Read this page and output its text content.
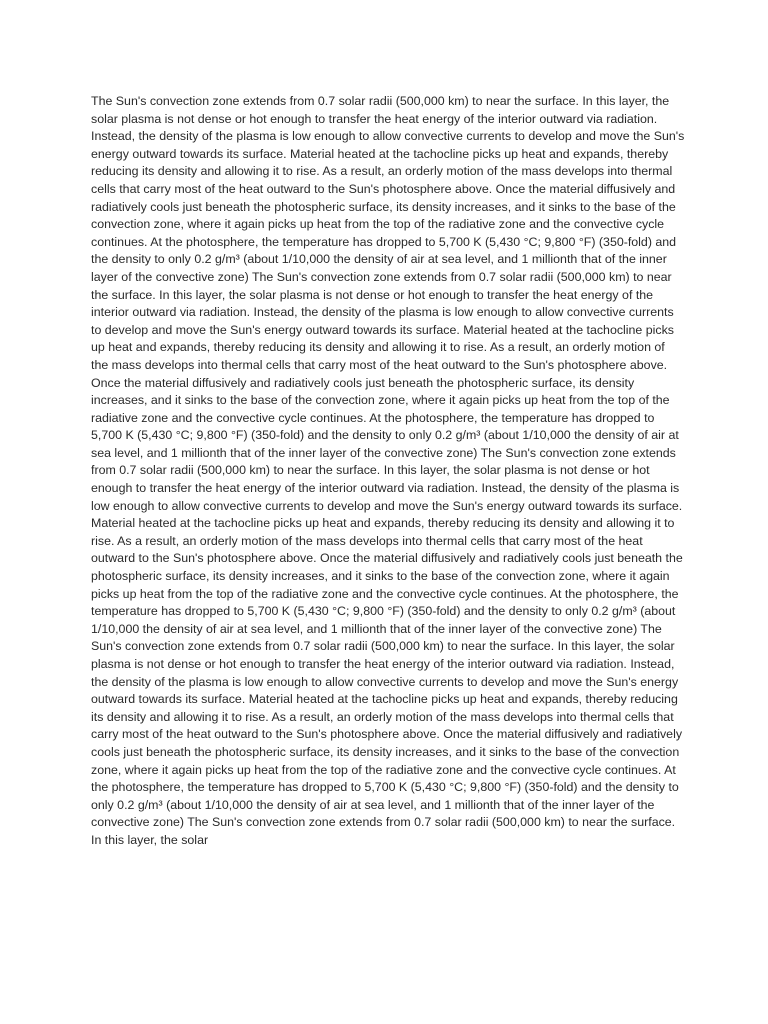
The Sun's convection zone extends from 0.7 solar radii (500,000 km) to near the surface. In this layer, the solar plasma is not dense or hot enough to transfer the heat energy of the interior outward via radiation. Instead, the density of the plasma is low enough to allow convective currents to develop and move the Sun's energy outward towards its surface. Material heated at the tachocline picks up heat and expands, thereby reducing its density and allowing it to rise. As a result, an orderly motion of the mass develops into thermal cells that carry most of the heat outward to the Sun's photosphere above. Once the material diffusively and radiatively cools just beneath the photospheric surface, its density increases, and it sinks to the base of the convection zone, where it again picks up heat from the top of the radiative zone and the convective cycle continues. At the photosphere, the temperature has dropped to 5,700 K (5,430 °C; 9,800 °F) (350-fold) and the density to only 0.2 g/m³ (about 1/10,000 the density of air at sea level, and 1 millionth that of the inner layer of the convective zone) The Sun's convection zone extends from 0.7 solar radii (500,000 km) to near the surface. In this layer, the solar plasma is not dense or hot enough to transfer the heat energy of the interior outward via radiation. Instead, the density of the plasma is low enough to allow convective currents to develop and move the Sun's energy outward towards its surface. Material heated at the tachocline picks up heat and expands, thereby reducing its density and allowing it to rise. As a result, an orderly motion of the mass develops into thermal cells that carry most of the heat outward to the Sun's photosphere above. Once the material diffusively and radiatively cools just beneath the photospheric surface, its density increases, and it sinks to the base of the convection zone, where it again picks up heat from the top of the radiative zone and the convective cycle continues. At the photosphere, the temperature has dropped to 5,700 K (5,430 °C; 9,800 °F) (350-fold) and the density to only 0.2 g/m³ (about 1/10,000 the density of air at sea level, and 1 millionth that of the inner layer of the convective zone) The Sun's convection zone extends from 0.7 solar radii (500,000 km) to near the surface. In this layer, the solar plasma is not dense or hot enough to transfer the heat energy of the interior outward via radiation. Instead, the density of the plasma is low enough to allow convective currents to develop and move the Sun's energy outward towards its surface. Material heated at the tachocline picks up heat and expands, thereby reducing its density and allowing it to rise. As a result, an orderly motion of the mass develops into thermal cells that carry most of the heat outward to the Sun's photosphere above. Once the material diffusively and radiatively cools just beneath the photospheric surface, its density increases, and it sinks to the base of the convection zone, where it again picks up heat from the top of the radiative zone and the convective cycle continues. At the photosphere, the temperature has dropped to 5,700 K (5,430 °C; 9,800 °F) (350-fold) and the density to only 0.2 g/m³ (about 1/10,000 the density of air at sea level, and 1 millionth that of the inner layer of the convective zone) The Sun's convection zone extends from 0.7 solar radii (500,000 km) to near the surface. In this layer, the solar plasma is not dense or hot enough to transfer the heat energy of the interior outward via radiation. Instead, the density of the plasma is low enough to allow convective currents to develop and move the Sun's energy outward towards its surface. Material heated at the tachocline picks up heat and expands, thereby reducing its density and allowing it to rise. As a result, an orderly motion of the mass develops into thermal cells that carry most of the heat outward to the Sun's photosphere above. Once the material diffusively and radiatively cools just beneath the photospheric surface, its density increases, and it sinks to the base of the convection zone, where it again picks up heat from the top of the radiative zone and the convective cycle continues. At the photosphere, the temperature has dropped to 5,700 K (5,430 °C; 9,800 °F) (350-fold) and the density to only 0.2 g/m³ (about 1/10,000 the density of air at sea level, and 1 millionth that of the inner layer of the convective zone) The Sun's convection zone extends from 0.7 solar radii (500,000 km) to near the surface. In this layer, the solar
